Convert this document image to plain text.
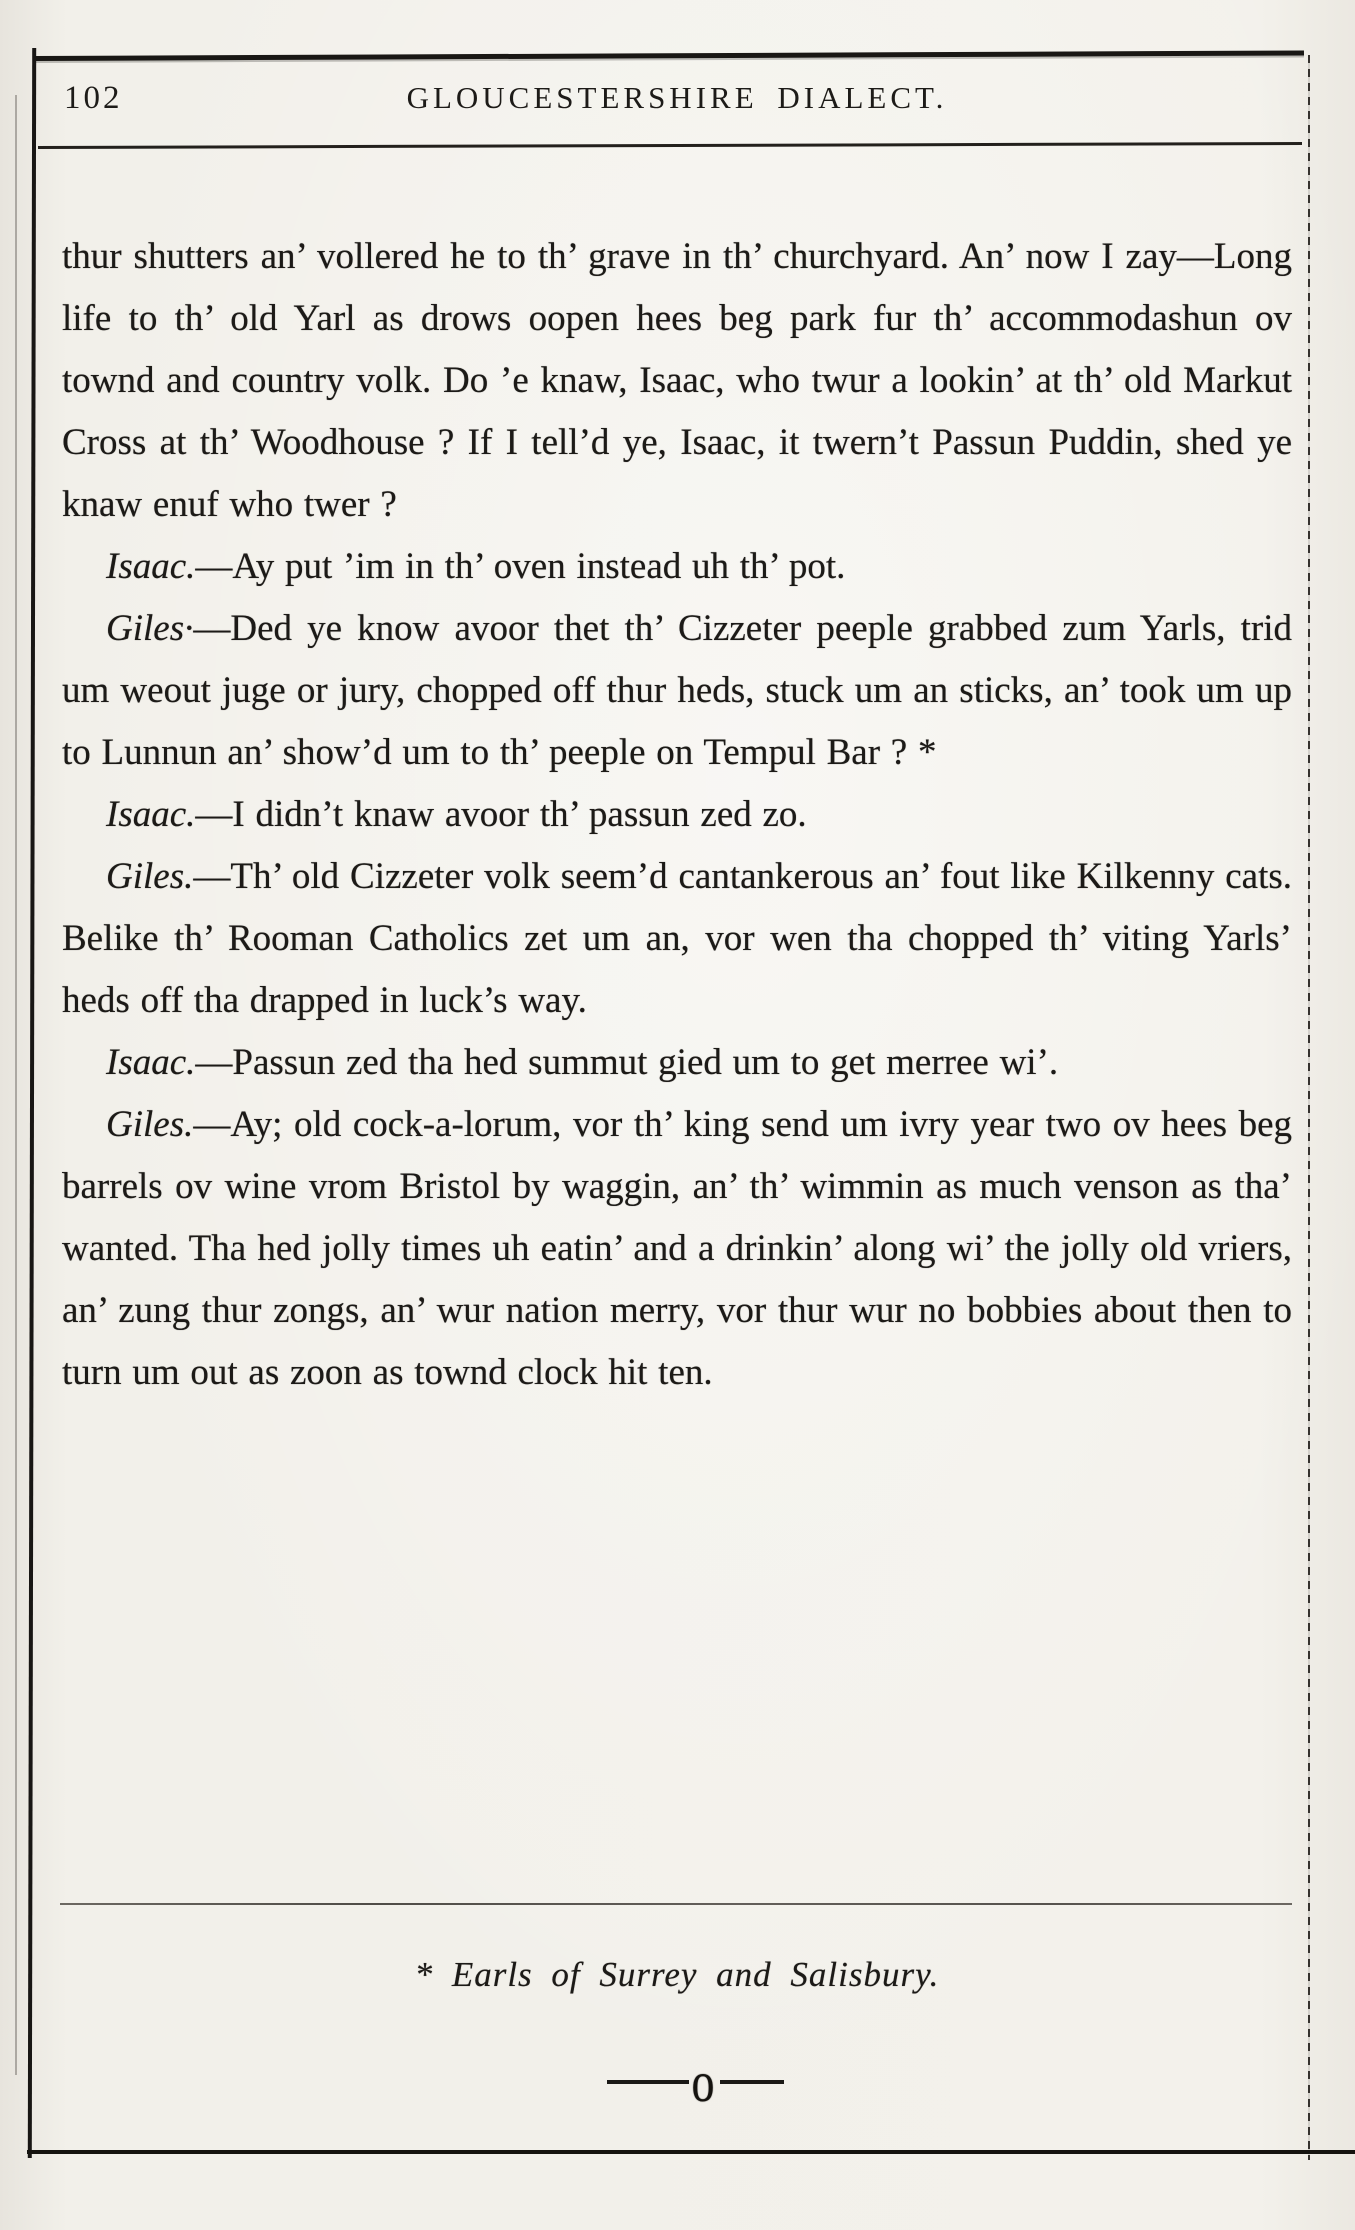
102	GLOUCESTERSHIRE DIALECT.

thur shutters an’ vollered he to th’ grave in th’ churchyard. An’ now I zay—Long life to th’ old Yarl as drows oopen hees beg park fur th’ accommodashun ov townd and country volk. Do ’e knaw, Isaac, who twur a lookin’ at th’ old Markut Cross at th’ Woodhouse ? If I tell’d ye, Isaac, it twern’t Passun Puddin, shed ye knaw enuf who twer ?

Isaac.—Ay put ’im in th’ oven instead uh th’ pot.

Giles·—Ded ye know avoor thet th’ Cizzeter peeple grabbed zum Yarls, trid um weout juge or jury, chopped off thur heds, stuck um an sticks, an’ took um up to Lunnun an’ show’d um to th’ peeple on Tempul Bar ? *

Isaac.—I didn’t knaw avoor th’ passun zed zo.

Giles.—Th’ old Cizzeter volk seem’d cantankerous an’ fout like Kilkenny cats. Belike th’ Rooman Catholics zet um an, vor wen tha chopped th’ viting Yarls’ heds off tha drapped in luck’s way.

Isaac.—Passun zed tha hed summut gied um to get merree wi’.

Giles.—Ay; old cock-a-lorum, vor th’ king send um ivry year two ov hees beg barrels ov wine vrom Bristol by waggin, an’ th’ wimmin as much venson as tha’ wanted. Tha hed jolly times uh eatin’ and a drinkin’ along wi’ the jolly old vriers, an’ zung thur zongs, an’ wur nation merry, vor thur wur no bobbies about then to turn um out as zoon as townd clock hit ten.

* Earls of Surrey and Salisbury.
o
